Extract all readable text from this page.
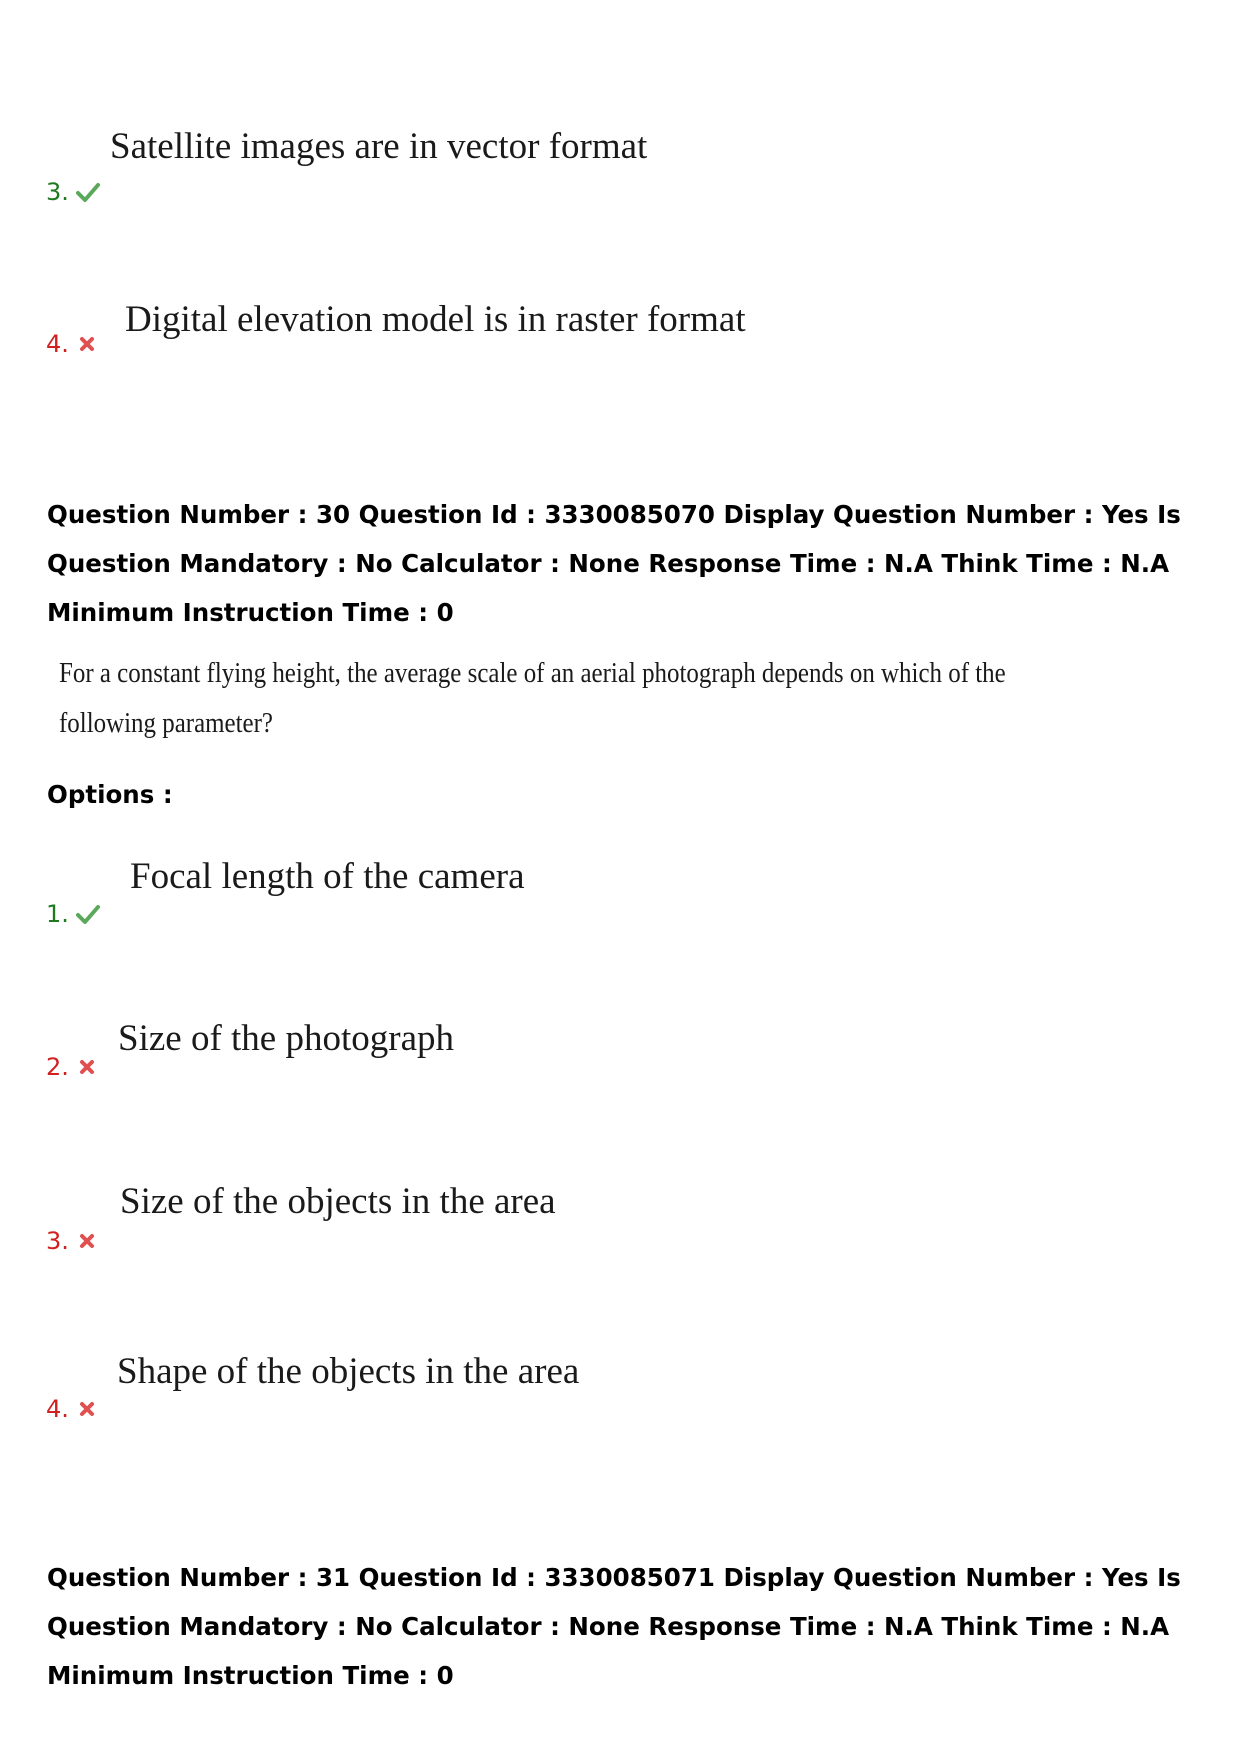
Satellite images are in vector format
3.
Digital elevation model is in raster format
4.
Question Number : 30 Question Id : 3330085070 Display Question Number : Yes Is Question Mandatory : No Calculator : None Response Time : N.A Think Time : N.A Minimum Instruction Time : 0
For a constant flying height, the average scale of an aerial photograph depends on which of the
following parameter?
Options :
Focal length of the camera
1.
Size of the photograph
2.
Size of the objects in the area
3.
Shape of the objects in the area
4.
Question Number : 31 Question Id : 3330085071 Display Question Number : Yes Is Question Mandatory : No Calculator : None Response Time : N.A Think Time : N.A Minimum Instruction Time : 0
